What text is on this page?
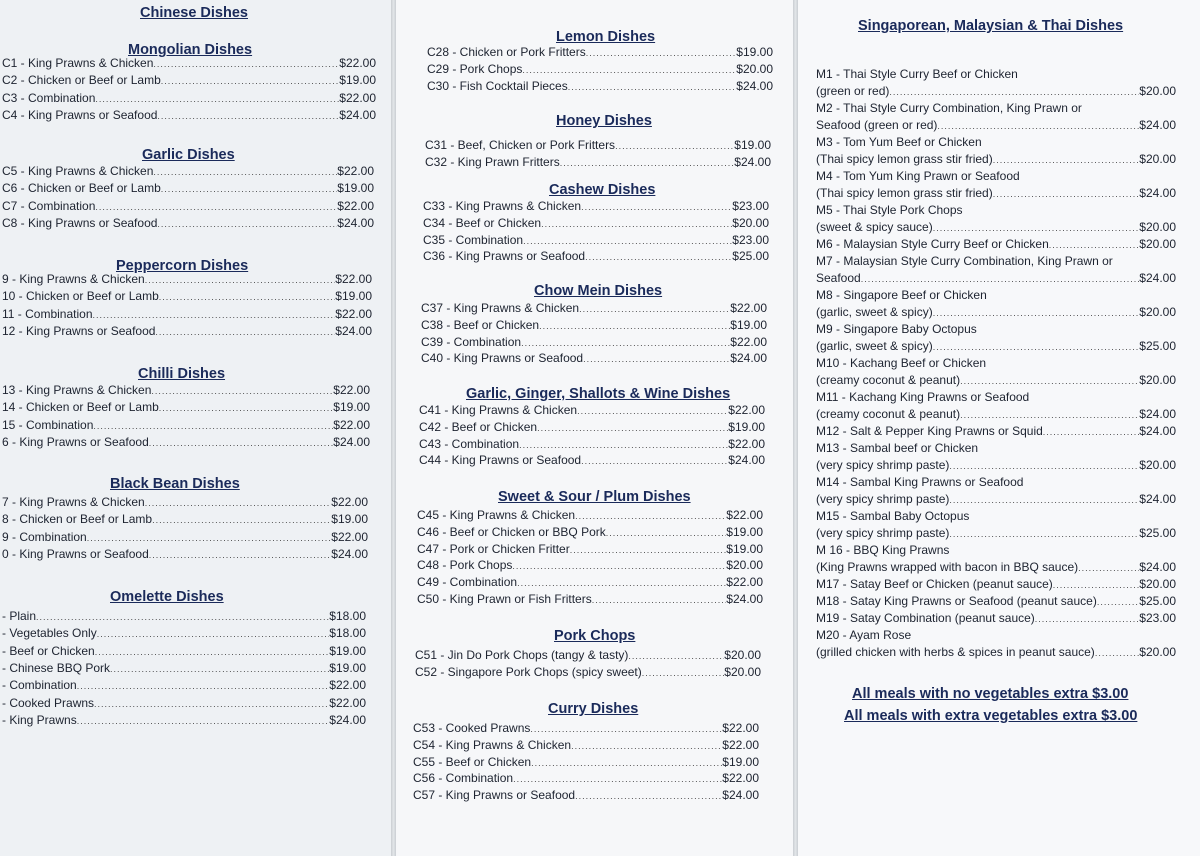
Chinese Dishes
Mongolian Dishes
C1 - King Prawns & Chicken .....	$22.00
C2 - Chicken or Beef or Lamb .....	$19.00
C3 - Combination .....	$22.00
C4 - King Prawns or Seafood .....	$24.00
Garlic Dishes
C5 - King Prawns & Chicken .....	$22.00
C6 - Chicken or Beef or Lamb .....	$19.00
C7 - Combination .....	$22.00
C8 - King Prawns or Seafood .....	$24.00
Peppercorn Dishes
9 - King Prawns & Chicken .....	$22.00
10 - Chicken or Beef or Lamb .....	$19.00
11 - Combination .....	$22.00
12 - King Prawns or Seafood .....	$24.00
Chilli Dishes
13 - King Prawns & Chicken .....	$22.00
14 - Chicken or Beef or Lamb .....	$19.00
15 - Combination .....	$22.00
6 - King Prawns or Seafood .....	$24.00
Black Bean Dishes
7 - King Prawns & Chicken .....	$22.00
8 - Chicken or Beef or Lamb .....	$19.00
9 - Combination .....	$22.00
0 - King Prawns or Seafood .....	$24.00
Omelette Dishes
- Plain .....	$18.00
- Vegetables Only .....	$18.00
- Beef or Chicken .....	$19.00
- Chinese BBQ Pork .....	$19.00
- Combination .....	$22.00
- Cooked Prawns .....	$22.00
- King Prawns .....	$24.00
Lemon Dishes
C28 - Chicken or Pork Fritters .....	$19.00
C29 - Pork Chops .....	$20.00
C30 - Fish Cocktail Pieces .....	$24.00
Honey Dishes
C31 - Beef, Chicken or Pork Fritters .....	$19.00
C32 - King Prawn Fritters .....	$24.00
Cashew Dishes
C33 - King Prawns & Chicken .....	$23.00
C34 - Beef or Chicken .....	$20.00
C35 - Combination .....	$23.00
C36 - King Prawns or Seafood .....	$25.00
Chow Mein Dishes
C37 - King Prawns & Chicken .....	$22.00
C38 - Beef or Chicken .....	$19.00
C39 - Combination .....	$22.00
C40 - King Prawns or Seafood .....	$24.00
Garlic, Ginger, Shallots & Wine Dishes
C41 - King Prawns & Chicken .....	$22.00
C42 - Beef or Chicken .....	$19.00
C43 - Combination .....	$22.00
C44 - King Prawns or Seafood .....	$24.00
Sweet & Sour / Plum Dishes
C45 - King Prawns & Chicken .....	$22.00
C46 - Beef or Chicken or BBQ Pork .....	$19.00
C47 - Pork or Chicken Fritter .....	$19.00
C48 - Pork Chops .....	$20.00
C49 - Combination .....	$22.00
C50 - King Prawn or Fish Fritters .....	$24.00
Pork Chops
C51 - Jin Do Pork Chops (tangy & tasty) .....	$20.00
C52 - Singapore Pork Chops (spicy sweet) .....	$20.00
Curry Dishes
C53 - Cooked Prawns .....	$22.00
C54 - King Prawns & Chicken .....	$22.00
C55 - Beef or Chicken .....	$19.00
C56 - Combination .....	$22.00
C57 - King Prawns or Seafood .....	$24.00
Singaporean, Malaysian & Thai Dishes
M1 - Thai Style Curry Beef or Chicken
(green or red) .....	$20.00
M2 - Thai Style Curry Combination, King Prawn or
Seafood (green or red) .....	$24.00
M3 - Tom Yum Beef or Chicken
(Thai spicy lemon grass stir fried) .....	$20.00
M4 - Tom Yum King Prawn or Seafood
(Thai spicy lemon grass stir fried) .....	$24.00
M5 - Thai Style Pork Chops
(sweet & spicy sauce) .....	$20.00
M6 - Malaysian Style Curry Beef or Chicken .....	$20.00
M7 - Malaysian Style Curry Combination, King Prawn or
Seafood .....	$24.00
M8 - Singapore Beef or Chicken
(garlic, sweet & spicy) .....	$20.00
M9 - Singapore Baby Octopus
(garlic, sweet & spicy) .....	$25.00
M10 - Kachang Beef or Chicken
(creamy coconut & peanut) .....	$20.00
M11 - Kachang King Prawns or Seafood
(creamy coconut & peanut) .....	$24.00
M12 - Salt & Pepper King Prawns or Squid .....	$24.00
M13 - Sambal beef or Chicken
(very spicy shrimp paste) .....	$20.00
M14 - Sambal King Prawns or Seafood
(very spicy shrimp paste) .....	$24.00
M15 - Sambal Baby Octopus
(very spicy shrimp paste) .....	$25.00
M 16 - BBQ King Prawns
(King Prawns wrapped with bacon in BBQ sauce) .....	$24.00
M17 - Satay Beef or Chicken (peanut sauce) .....	$20.00
M18 - Satay King Prawns or Seafood (peanut sauce) .....	$25.00
M19 - Satay Combination (peanut sauce) .....	$23.00
M20 - Ayam Rose
(grilled chicken with herbs & spices in peanut sauce) .....	$20.00
All meals with no vegetables extra $3.00
All meals with extra vegetables extra $3.00
